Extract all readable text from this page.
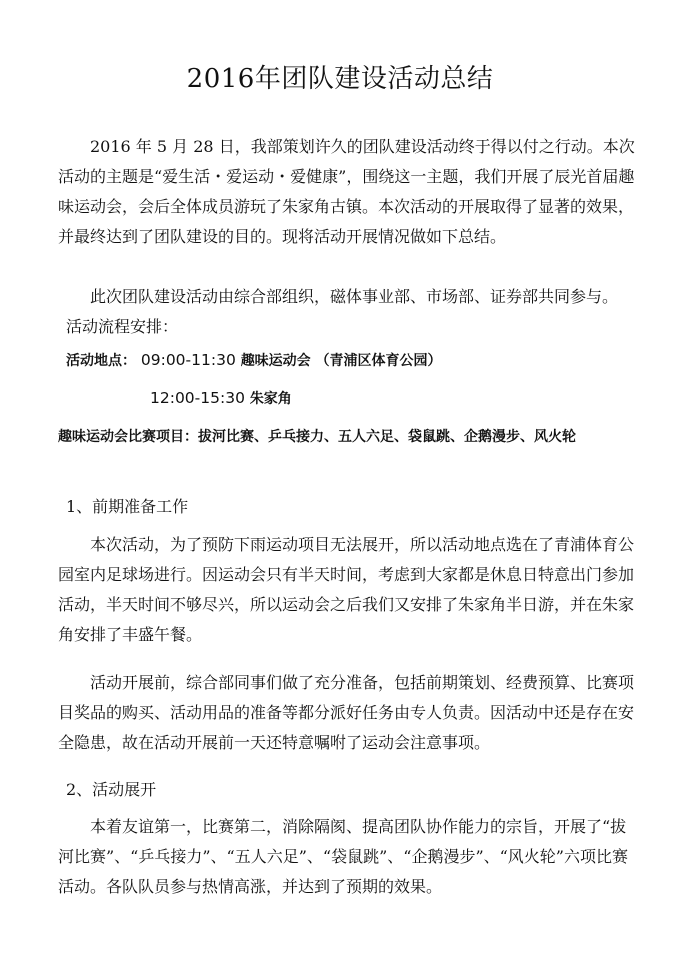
2016年团队建设活动总结
2016 年 5 月 28 日，我部策划许久的团队建设活动终于得以付之行动。本次活动的主题是“爱生活・爱运动・爱健康”，围绕这一主题，我们开展了辰光首届趣味运动会，会后全体成员游玩了朱家角古镇。本次活动的开展取得了显著的效果，并最终达到了团队建设的目的。现将活动开展情况做如下总结。
此次团队建设活动由综合部组织，磁体事业部、市场部、证券部共同参与。
活动流程安排：
活动地点： 09:00-11:30 趣味运动会 （青浦区体育公园）
12:00-15:30 朱家角
趣味运动会比赛项目：拔河比赛、乒乓接力、五人六足、袋鼠跳、企鹅漫步、风火轮
1、前期准备工作
本次活动，为了预防下雨运动项目无法展开，所以活动地点选在了青浦体育公园室内足球场进行。因运动会只有半天时间，考虑到大家都是休息日特意出门参加活动，半天时间不够尽兴，所以运动会之后我们又安排了朱家角半日游，并在朱家角安排了丰盛午餐。
活动开展前，综合部同事们做了充分准备，包括前期策划、经费预算、比赛项目奖品的购买、活动用品的准备等都分派好任务由专人负责。因活动中还是存在安全隐患，故在活动开展前一天还特意嘱咐了运动会注意事项。
2、活动展开
本着友谊第一，比赛第二，消除隔阂、提高团队协作能力的宗旨，开展了“拔河比赛”、“乒乓接力”、“五人六足”、“袋鼠跳”、“企鹅漫步”、“风火轮”六项比赛活动。各队队员参与热情高涨，并达到了预期的效果。
